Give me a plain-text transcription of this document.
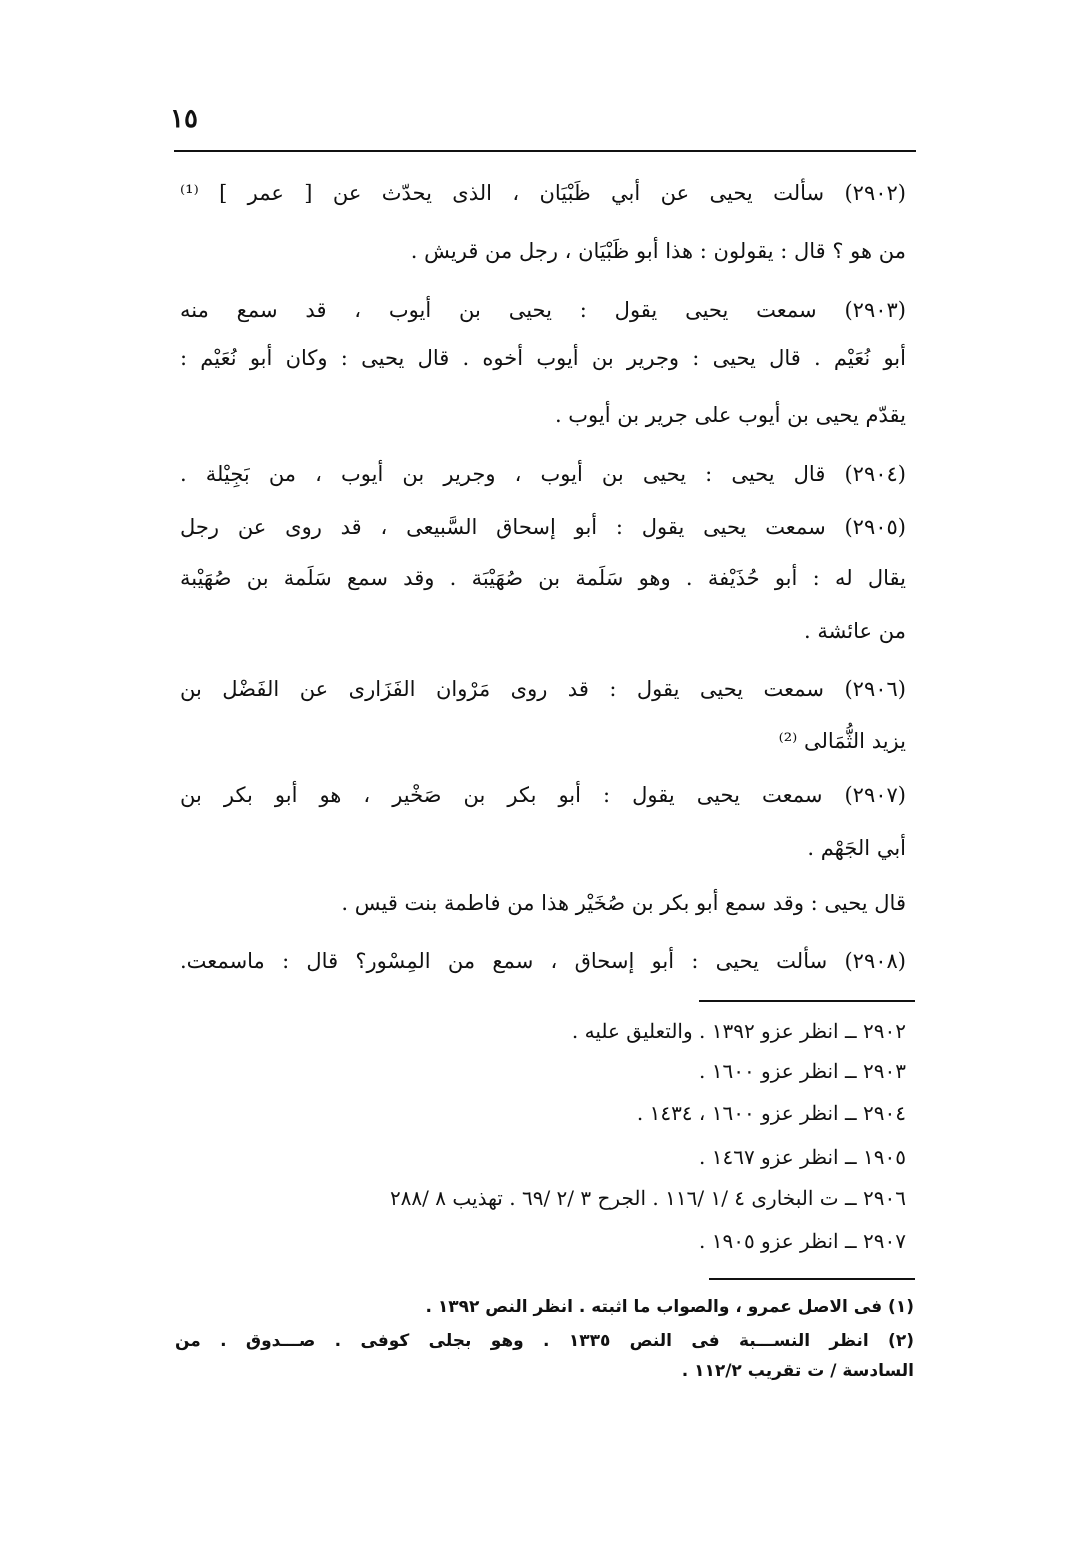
١٥
(٢٩٠٢) سألت يحيى عن أبي ظَبْيَان ، الذى يحدّث عن [ عمر ] ⁽¹⁾
من هو ؟ قال : يقولون : هذا أبو ظَبْيَان ، رجل من قريش .
(٢٩٠٣) سمعت يحيى يقول : يحيى بن أيوب ، قد سمع منه
أبو نُعَيْم . قال يحيى : وجرير بن أيوب أخوه . قال يحيى : وكان أبو نُعَيْم :
يقدّم يحيى بن أيوب على جرير بن أيوب .
(٢٩٠٤) قال يحيى : يحيى بن أيوب ، وجرير بن أيوب ، من بَجِيْلة .
(٢٩٠٥) سمعت يحيى يقول : أبو إسحاق السَّبيعى ، قد روى عن رجل
يقال له : أبو حُذَيْفة . وهو سَلَمة بن صُهَيْبَة . وقد سمع سَلَمة بن صُهَيْبة
من عائشة .
(٢٩٠٦) سمعت يحيى يقول : قد روى مَرْوان الفَزَارى عن الفَضْل بن
يزيد الثُّمَالى ⁽²⁾
(٢٩٠٧) سمعت يحيى يقول : أبو بكر بن صَخْير ، هو أبو بكر بن
أبي الجَهْم .
قال يحيى : وقد سمع أبو بكر بن صُخَيْر هذا من فاطمة بنت قيس .
(٢٩٠٨) سألت يحيى : أبو إسحاق ، سمع من المِسْور؟ قال : ماسمعت.
٢٩٠٢ ــ انظر عزو ١٣٩٢ . والتعليق عليه .
٢٩٠٣ ــ انظر عزو ١٦٠٠ .
٢٩٠٤ ــ انظر عزو ١٦٠٠ ، ١٤٣٤ .
١٩٠٥ ــ انظر عزو ١٤٦٧ .
٢٩٠٦ ــ ت البخارى ٤ /١ /١١٦ . الجرح ٣ /٢ /٦٩ . تهذيب ٨ /٢٨٨
٢٩٠٧ ــ انظر عزو ١٩٠٥ .
(١) فى الاصل عمرو ، والصواب ما اثبته . انظر النص ١٣٩٢ .
(٢) انظر النســـبة فى النص ١٣٣٥ . وهو بجلى كوفى . صـــدوق . من
السادسة / ت تقريب ١١٢/٢ .
